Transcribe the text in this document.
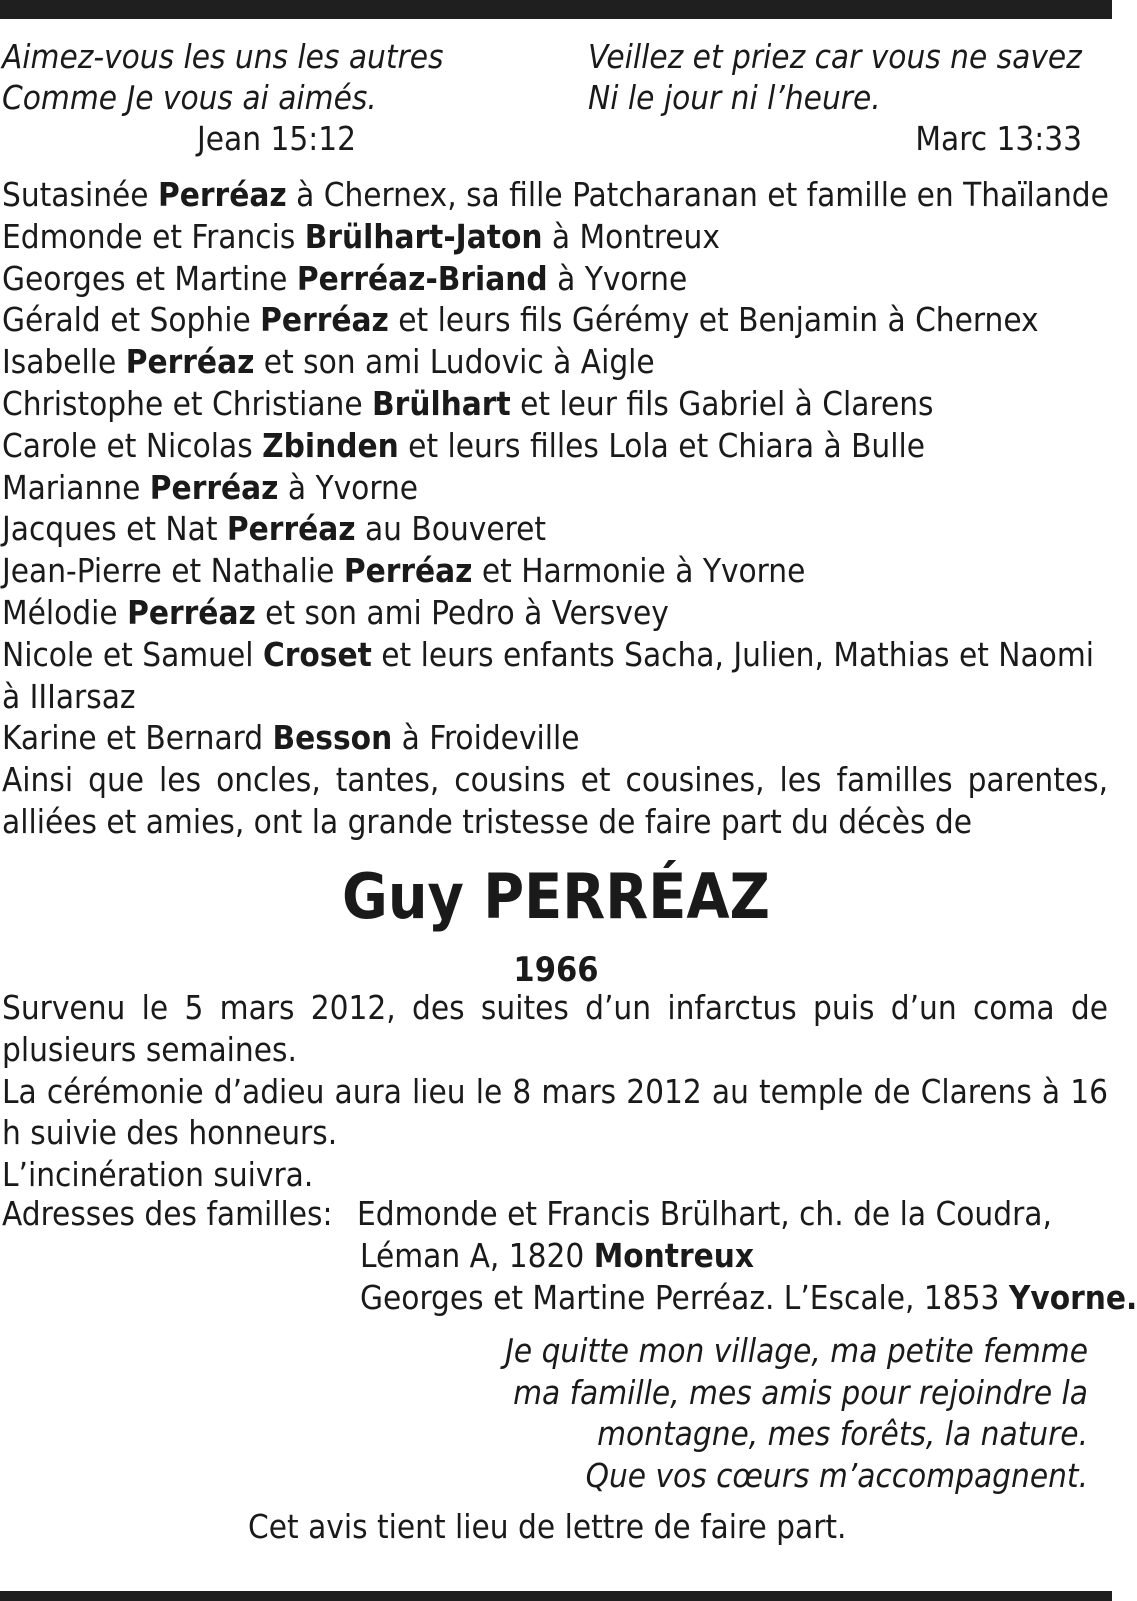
Aimez-vous les uns les autres
Comme Je vous ai aimés.
Jean 15:12
Veillez et priez car vous ne savez
Ni le jour ni l’heure.
Marc 13:33
Sutasinée Perréaz à Chernex, sa fille Patcharanan et famille en Thaïlande
Edmonde et Francis Brülhart-Jaton à Montreux
Georges et Martine Perréaz-Briand à Yvorne
Gérald et Sophie Perréaz et leurs fils Gérémy et Benjamin à Chernex
Isabelle Perréaz et son ami Ludovic à Aigle
Christophe et Christiane Brülhart et leur fils Gabriel à Clarens
Carole et Nicolas Zbinden et leurs filles Lola et Chiara à Bulle
Marianne Perréaz à Yvorne
Jacques et Nat Perréaz au Bouveret
Jean-Pierre et Nathalie Perréaz et Harmonie à Yvorne
Mélodie Perréaz et son ami Pedro à Versvey
Nicole et Samuel Croset et leurs enfants Sacha, Julien, Mathias et Naomi à IIIarsaz
Karine et Bernard Besson à Froideville
Ainsi que les oncles, tantes, cousins et cousines, les familles parentes, alliées et amies, ont la grande tristesse de faire part du décès de
Guy PERRÉAZ
1966
Survenu le 5 mars 2012, des suites d’un infarctus puis d’un coma de plusieurs semaines.
La cérémonie d’adieu aura lieu le 8 mars 2012 au temple de Clarens à 16 h suivie des honneurs.
L’incinération suivra.
Adresses des familles: Edmonde et Francis Brülhart, ch. de la Coudra,
Léman A, 1820 Montreux
Georges et Martine Perréaz. L’Escale, 1853 Yvorne.
Je quitte mon village, ma petite femme
ma famille, mes amis pour rejoindre la
montagne, mes forêts, la nature.
Que vos cœurs m’accompagnent.
Cet avis tient lieu de lettre de faire part.
